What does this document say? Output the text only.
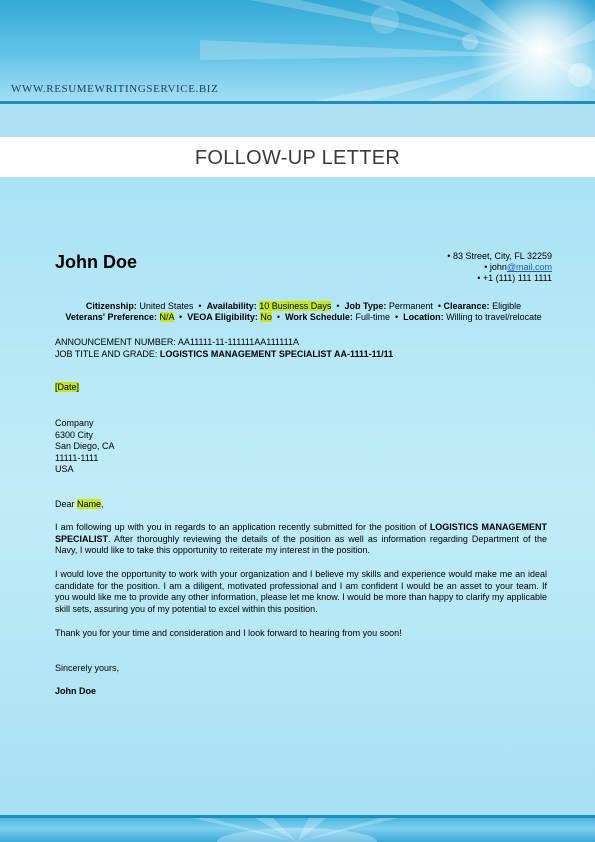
WWW.RESUMEWRITINGSERVICE.BIZ
FOLLOW-UP LETTER
John Doe	• 83 Street, City, FL 32259
• john@mail.com
• +1 (111) 111 1111
Citizenship: United States  •  Availability: 10 Business Days  •  Job Type: Permanent  • Clearance: Eligible
Veterans' Preference: N/A  •  VEOA Eligibility: No  •  Work Schedule: Full-time  •  Location: Willing to travel/relocate
ANNOUNCEMENT NUMBER: AA11111-11-111111AA111111A
JOB TITLE AND GRADE: LOGISTICS MANAGEMENT SPECIALIST AA-1111-11/11
[Date]
Company
6300 City
San Diego, CA
11111-1111
USA
Dear Name,
I am following up with you in regards to an application recently submitted for the position of LOGISTICS MANAGEMENT SPECIALIST. After thoroughly reviewing the details of the position as well as information regarding Department of the Navy, I would like to take this opportunity to reiterate my interest in the position.
I would love the opportunity to work with your organization and I believe my skills and experience would make me an ideal candidate for the position. I am a diligent, motivated professional and I am confident I would be an asset to your team. If you would like me to provide any other information, please let me know. I would be more than happy to clarify my applicable skill sets, assuring you of my potential to excel within this position.
Thank you for your time and consideration and I look forward to hearing from you soon!
Sincerely yours,
John Doe
